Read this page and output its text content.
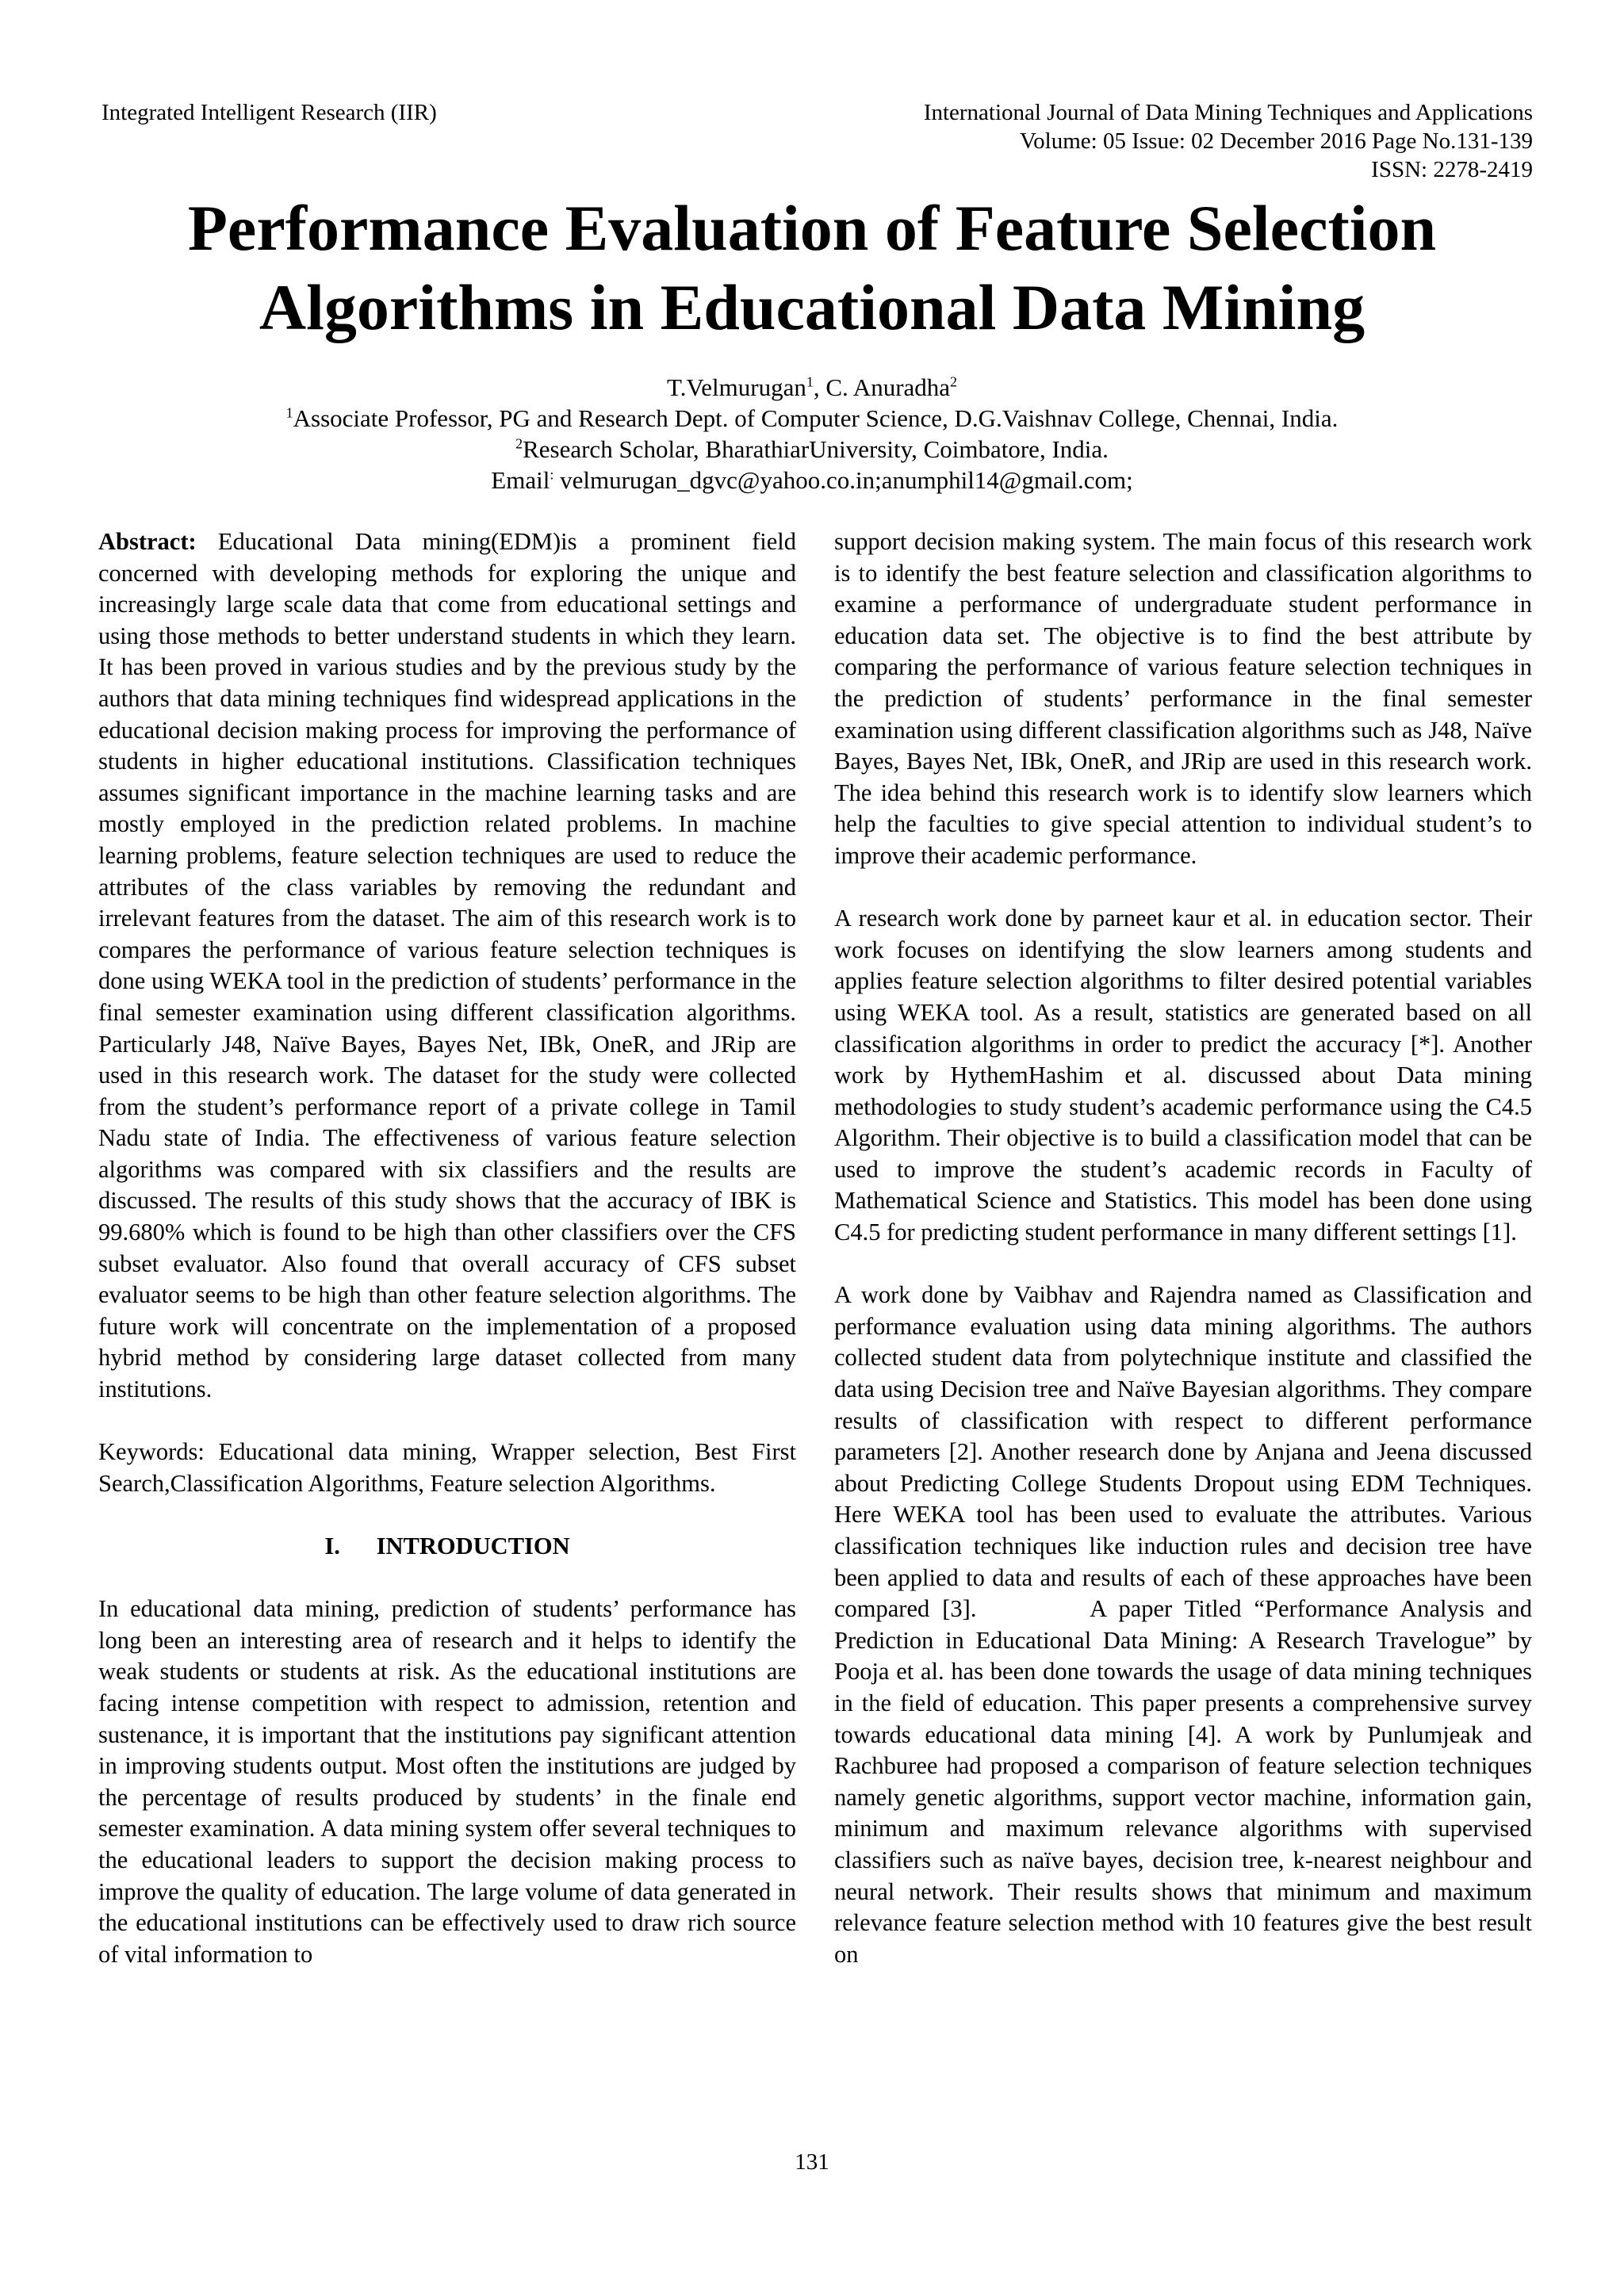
Integrated Intelligent Research (IIR)	International Journal of Data Mining Techniques and Applications
Volume: 05 Issue: 02 December 2016 Page No.131-139
ISSN: 2278-2419
Performance Evaluation of Feature Selection
Algorithms in Educational Data Mining
T.Velmurugan$^1$, C. Anuradha$^2$
$^1$Associate Professor, PG and Research Dept. of Computer Science, D.G.Vaishnav College, Chennai, India.
$^2$Research Scholar, BharathiarUniversity, Coimbatore, India.
Email: velmurugan_dgvc@yahoo.co.in;anumphil14@gmail.com;

Abstract: Educational Data mining(EDM)is a prominent field concerned with developing methods for exploring the unique and increasingly large scale data that come from educational settings and using those methods to better understand students in which they learn. It has been proved in various studies and by the previous study by the authors that data mining techniques find widespread applications in the educational decision making process for improving the performance of students in higher educational institutions. Classification techniques assumes significant importance in the machine learning tasks and are mostly employed in the prediction related problems. In machine learning problems, feature selection techniques are used to reduce the attributes of the class variables by removing the redundant and irrelevant features from the dataset. The aim of this research work is to compares the performance of various feature selection techniques is done using WEKA tool in the prediction of students’ performance in the final semester examination using different classification algorithms. Particularly J48, Naïve Bayes, Bayes Net, IBk, OneR, and JRip are used in this research work. The dataset for the study were collected from the student’s performance report of a private college in Tamil Nadu state of India. The effectiveness of various feature selection algorithms was compared with six classifiers and the results are discussed. The results of this study shows that the accuracy of IBK is 99.680% which is found to be high than other classifiers over the CFS subset evaluator. Also found that overall accuracy of CFS subset evaluator seems to be high than other feature selection algorithms. The future work will concentrate on the implementation of a proposed hybrid method by considering large dataset collected from many institutions.

Keywords: Educational data mining, Wrapper selection, Best First Search,Classification Algorithms, Feature selection Algorithms.

I.      INTRODUCTION

In educational data mining, prediction of students’ performance has long been an interesting area of research and it helps to identify the weak students or students at risk. As the educational institutions are facing intense competition with respect to admission, retention and sustenance, it is important that the institutions pay significant attention in improving students output. Most often the institutions are judged by the percentage of results produced by students’ in the finale end semester examination. A data mining system offer several techniques to the educational leaders to support the decision making process to improve the quality of education. The large volume of data generated in the educational institutions can be effectively used to draw rich source of vital information to

support decision making system. The main focus of this research work is to identify the best feature selection and classification algorithms to examine a performance of undergraduate student performance in education data set. The objective is to find the best attribute by comparing the performance of various feature selection techniques in the prediction of students’ performance in the final semester examination using different classification algorithms such as J48, Naïve Bayes, Bayes Net, IBk, OneR, and JRip are used in this research work. The idea behind this research work is to identify slow learners which help the faculties to give special attention to individual student’s to improve their academic performance.

A research work done by parneet kaur et al. in education sector. Their work focuses on identifying the slow learners among students and applies feature selection algorithms to filter desired potential variables using WEKA tool. As a result, statistics are generated based on all classification algorithms in order to predict the accuracy [*]. Another work by HythemHashim et al. discussed about Data mining methodologies to study student’s academic performance using the C4.5 Algorithm. Their objective is to build a classification model that can be used to improve the student’s academic records in Faculty of Mathematical Science and Statistics. This model has been done using C4.5 for predicting student performance in many different settings [1].

A work done by Vaibhav and Rajendra named as Classification and performance evaluation using data mining algorithms. The authors collected student data from polytechnique institute and classified the data using Decision tree and Naïve Bayesian algorithms. They compare results of classification with respect to different performance parameters [2]. Another research done by Anjana and Jeena discussed about Predicting College Students Dropout using EDM Techniques. Here WEKA tool has been used to evaluate the attributes. Various classification techniques like induction rules and decision tree have been applied to data and results of each of these approaches have been compared [3].         A paper Titled “Performance Analysis and Prediction in Educational Data Mining: A Research Travelogue” by Pooja et al. has been done towards the usage of data mining techniques in the field of education. This paper presents a comprehensive survey towards educational data mining [4]. A work by Punlumjeak and Rachburee had proposed a comparison of feature selection techniques namely genetic algorithms, support vector machine, information gain, minimum and maximum relevance algorithms with supervised classifiers such as naïve bayes, decision tree, k-nearest neighbour and neural network. Their results shows that minimum and maximum relevance feature selection method with 10 features give the best result on

131
